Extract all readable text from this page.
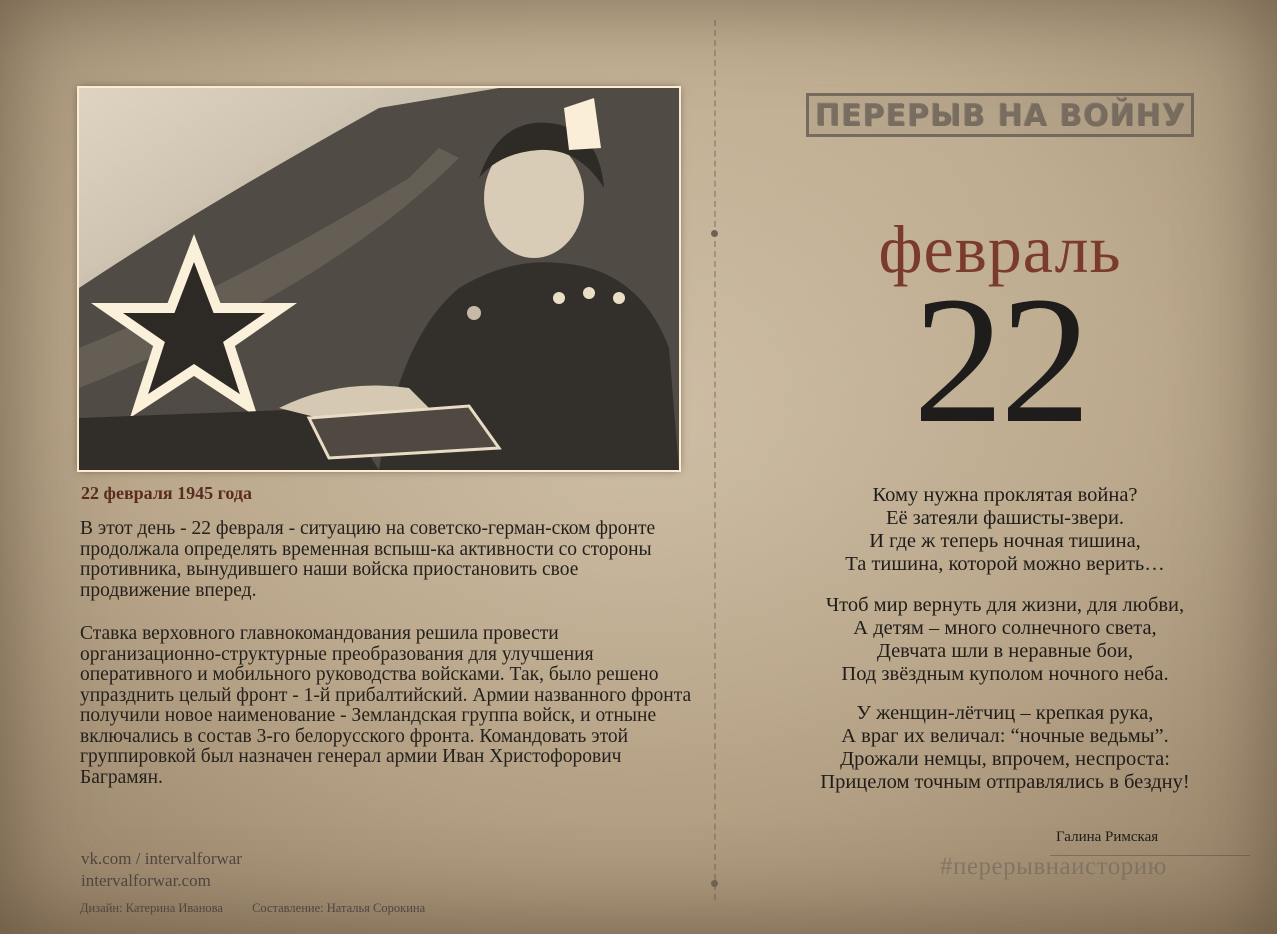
22 февраля 1945 года

В этот день - 22 февраля - ситуацию на советско-герман-ском фронте продолжала определять временная вспыш-ка активности со стороны противника, вынудившего наши войска приостановить свое продвижение вперед.

Ставка верховного главнокомандования решила провести организационно-структурные преобразования для улучшения оперативного и мобильного руководства войсками. Так, было решено упразднить целый фронт - 1-й прибалтийский. Армии названного фронта получили новое наименование - Земландская группа войск, и отныне включались в состав 3-го белорусского фронта. Командовать этой группировкой был назначен генерал армии Иван Христофорович Баграмян.

vk.com / intervalforwar
intervalforwar.com
Дизайн: Катерина Иванова Составление: Наталья Сорокина
ПЕРЕРЫВ НА ВОЙНУ
февраль
22
Кому нужна проклятая война?
Её затеяли фашисты-звери.
И где ж теперь ночная тишина,
Та тишина, которой можно верить…
Чтоб мир вернуть для жизни, для любви,
А детям – много солнечного света,
Девчата шли в неравные бои,
Под звёздным куполом ночного неба.
У женщин-лётчиц – крепкая рука,
А враг их величал: “ночные ведьмы”.
Дрожали немцы, впрочем, неспроста:
Прицелом точным отправлялись в бездну!
Галина Римская
#перерывнаисторию
